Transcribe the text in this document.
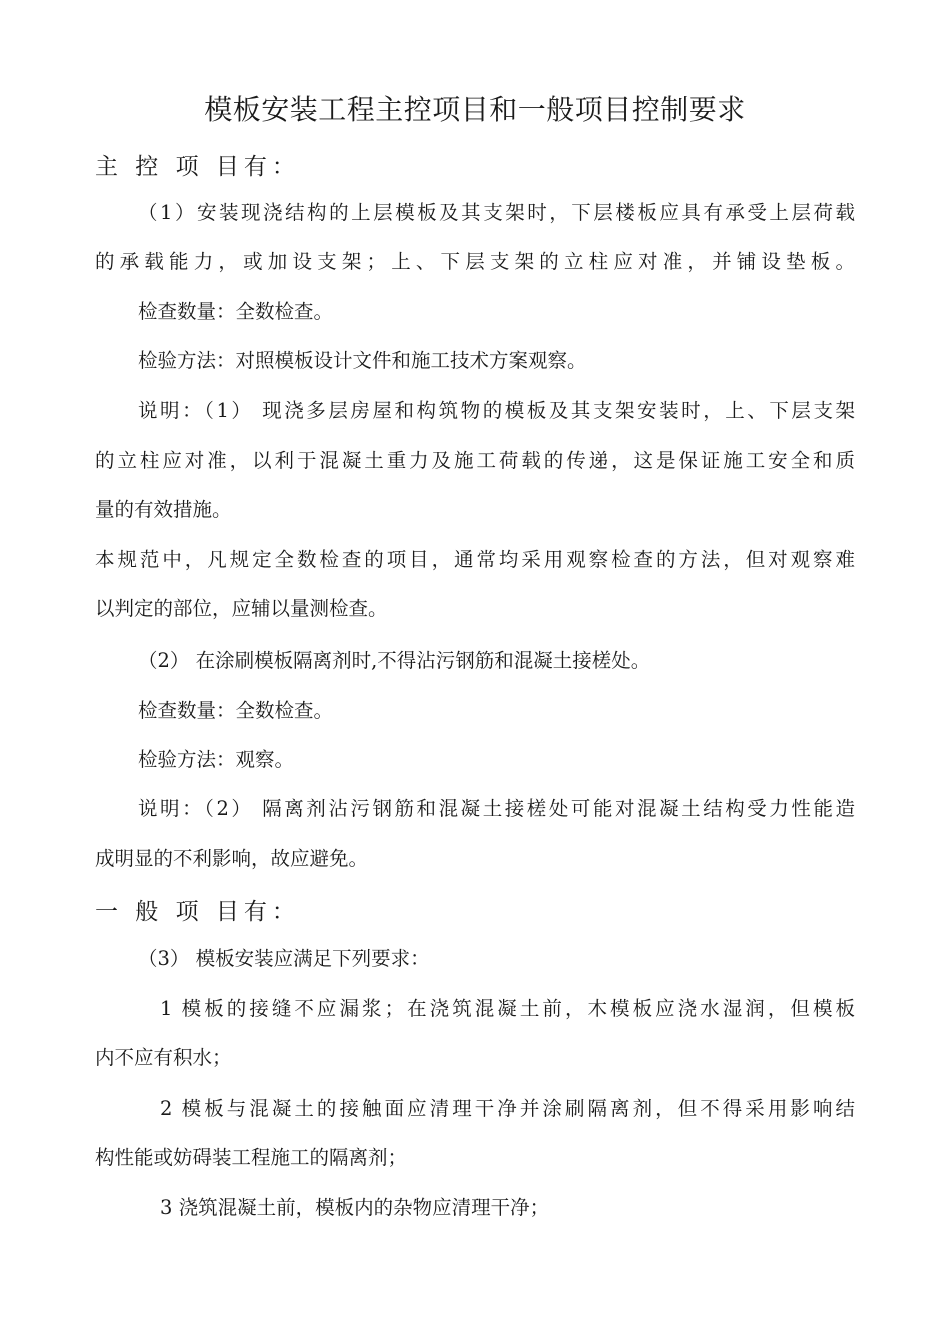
模板安装工程主控项目和一般项目控制要求
主 控 项 目有：
（1）安装现浇结构的上层模板及其支架时，下层楼板应具有承受上层荷载
的承载能力，或加设支架；上、下层支架的立柱应对准，并铺设垫板。
检查数量：全数检查。
检验方法：对照模板设计文件和施工技术方案观察。
说明：（1） 现浇多层房屋和构筑物的模板及其支架安装时，上、下层支架
的立柱应对准，以利于混凝土重力及施工荷载的传递，这是保证施工安全和质
量的有效措施。
本规范中，凡规定全数检查的项目，通常均采用观察检查的方法，但对观察难
以判定的部位，应辅以量测检查。
（2） 在涂刷模板隔离剂时,不得沾污钢筋和混凝土接槎处。
检查数量：全数检查。
检验方法：观察。
说明：（2） 隔离剂沾污钢筋和混凝土接槎处可能对混凝土结构受力性能造
成明显的不利影响，故应避免。
一 般 项 目有：
（3） 模板安装应满足下列要求：
1 模板的接缝不应漏浆；在浇筑混凝土前，木模板应浇水湿润，但模板
内不应有积水；
2 模板与混凝土的接触面应清理干净并涂刷隔离剂，但不得采用影响结
构性能或妨碍装工程施工的隔离剂；
3 浇筑混凝土前，模板内的杂物应清理干净；
